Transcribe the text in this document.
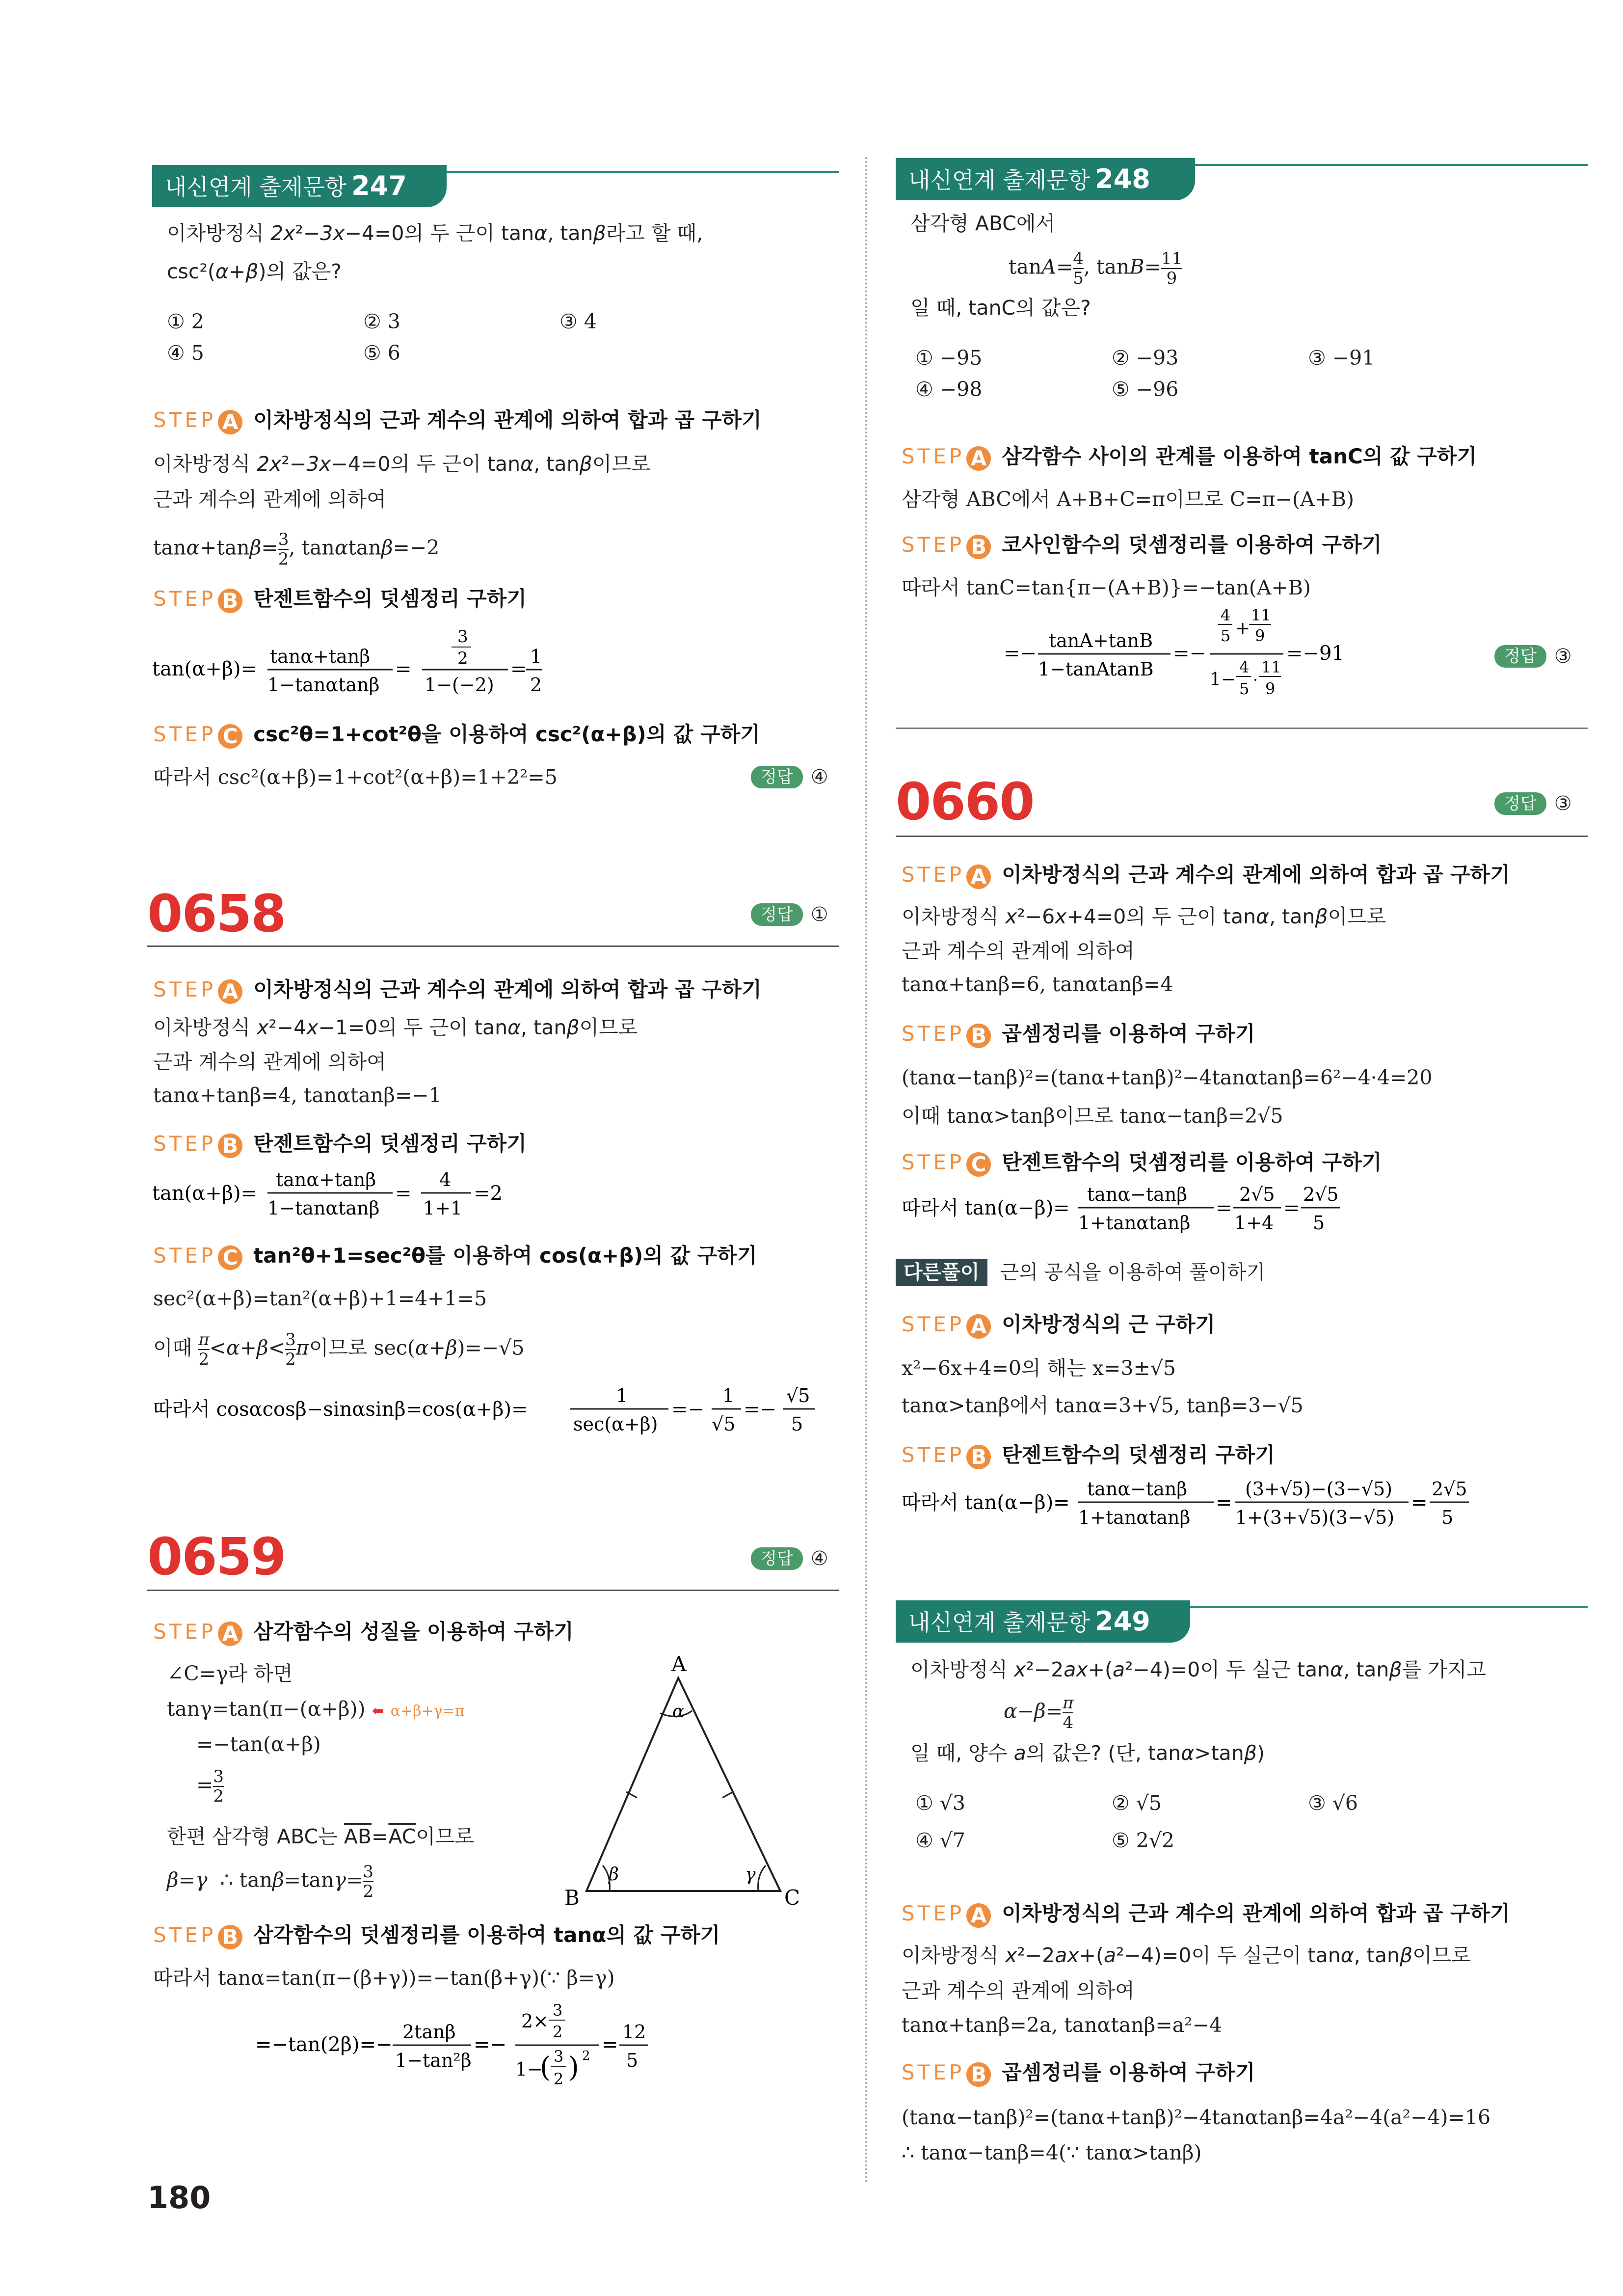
내신연계 출제문항 247
이차방정식 2x²−3x−4=0의 두 근이 tanα, tanβ라고 할 때,
csc²(α+β)의 값은?
① 2	② 3	③ 4
④ 5	⑤ 6
STEP A 이차방정식의 근과 계수의 관계에 의하여 합과 곱 구하기
이차방정식 2x²−3x−4=0의 두 근이 tanα, tanβ이므로
근과 계수의 관계에 의하여
$\tan\alpha+\tan\beta= \frac{3}{2}$ , tanαtanβ=−2
STEP B 탄젠트함수의 덧셈정리 구하기
tan(α+β)=
tanα+tanβ
1−tanαtanβ
=
3
2
1−(−2)
=
1
2
STEP C csc²θ=1+cot²θ을 이용하여 csc²(α+β)의 값 구하기
따라서 csc²(α+β)=1+cot²(α+β)=1+2²=5	정답 ④
0658	정답 ①
STEP A 이차방정식의 근과 계수의 관계에 의하여 합과 곱 구하기
이차방정식 x²−4x−1=0의 두 근이 tanα, tanβ이므로
근과 계수의 관계에 의하여
tanα+tanβ=4, tanαtanβ=−1
STEP B 탄젠트함수의 덧셈정리 구하기
tan(α+β)=
tanα+tanβ
1−tanαtanβ
=
4
1+1
=2
STEP C tan²θ+1=sec²θ를 이용하여 cos(α+β)의 값 구하기
sec²(α+β)=tan²(α+β)+1=4+1=5
이때 $\frac{\pi}{2} <\alpha+\beta< \frac{3}{2}$ π이므로 sec(α+β)=−√5
따라서 cosαcosβ−sinαsinβ=cos(α+β)=
1
sec(α+β)
=−
1
√5
=−
√5
5
0659	정답 ④
STEP A 삼각함수의 성질을 이용하여 구하기
∠C=γ라 하면
tanγ=tan(π−(α+β)) ⬅ α+β+γ=π
=−tan(α+β)
= $\frac{3}{2}$
한편 삼각형 ABC는 $\overline{AB}=\overline{AC}$이므로
β=γ  ∴ $\tan\beta=\tan\gamma= \frac{3}{2}$
A
B	C
α
β	γ
STEP B 삼각함수의 덧셈정리를 이용하여 tanα의 값 구하기
따라서 tanα=tan(π−(β+γ))=−tan(β+γ)(∵ β=γ)
=−tan(2β)=−
2tanβ
1−tan²β
=−
2× 3
2
1−
( 3
2 ) 2 =
12
5
내신연계 출제문항 248
삼각형 ABC에서
$\tan A= \frac{4}{5}$ , $\tan B= \frac{11}{9}$
일 때, tanC의 값은?
① −95	② −93	③ −91
④ −98	⑤ −96
STEP A 삼각함수 사이의 관계를 이용하여 tanC의 값 구하기
삼각형 ABC에서 A+B+C=π이므로 C=π−(A+B)
STEP B 코사인함수의 덧셈정리를 이용하여 구하기
따라서 tanC=tan{π−(A+B)}=−tan(A+B)
=−
tanA+tanB
1−tanAtanB
=−
4
5 +
11
9
1−
4
5 ·
11
9
=−91	정답 ③
0660	정답 ③
STEP A 이차방정식의 근과 계수의 관계에 의하여 합과 곱 구하기
이차방정식 x²−6x+4=0의 두 근이 tanα, tanβ이므로
근과 계수의 관계에 의하여
tanα+tanβ=6, tanαtanβ=4
STEP B 곱셈정리를 이용하여 구하기
(tanα−tanβ)²=(tanα+tanβ)²−4tanαtanβ=6²−4·4=20
이때 tanα>tanβ이므로 tanα−tanβ=2√5
STEP C 탄젠트함수의 덧셈정리를 이용하여 구하기
따라서 tan(α−β)=
tanα−tanβ
1+tanαtanβ
=
2√5
1+4
=
2√5
5
다른풀이 근의 공식을 이용하여 풀이하기
STEP A 이차방정식의 근 구하기
x²−6x+4=0의 해는 x=3±√5
tanα>tanβ에서 tanα=3+√5, tanβ=3−√5
STEP B 탄젠트함수의 덧셈정리 구하기
따라서 tan(α−β)=
tanα−tanβ
1+tanαtanβ
=
(3+√5)−(3−√5)
1+(3+√5)(3−√5)
=
2√5
5
내신연계 출제문항 249
이차방정식 x²−2ax+(a²−4)=0이 두 실근 tanα, tanβ를 가지고
$\alpha-\beta= \frac{\pi}{4}$
일 때, 양수 a의 값은? (단, tanα>tanβ)
① √3	② √5	③ √6
④ √7	⑤ 2√2
STEP A 이차방정식의 근과 계수의 관계에 의하여 합과 곱 구하기
이차방정식 x²−2ax+(a²−4)=0이 두 실근이 tanα, tanβ이므로
근과 계수의 관계에 의하여
tanα+tanβ=2a, tanαtanβ=a²−4
STEP B 곱셈정리를 이용하여 구하기
(tanα−tanβ)²=(tanα+tanβ)²−4tanαtanβ=4a²−4(a²−4)=16
∴ tanα−tanβ=4(∵ tanα>tanβ)
180
